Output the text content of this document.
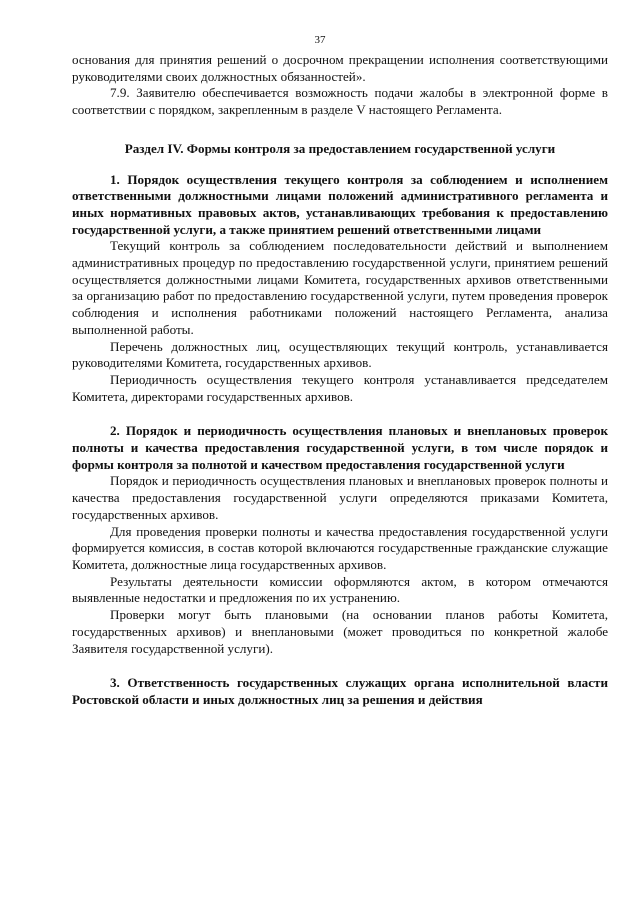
37

основания для принятия решений о досрочном прекращении исполнения соответствующими руководителями своих должностных обязанностей».

7.9. Заявителю обеспечивается возможность подачи жалобы в электронной форме в соответствии с порядком, закрепленным в разделе V настоящего Регламента.

Раздел IV. Формы контроля за предоставлением государственной услуги

1. Порядок осуществления текущего контроля за соблюдением и исполнением ответственными должностными лицами положений административного регламента и иных нормативных правовых актов, устанавливающих требования к предоставлению государственной услуги, а также принятием решений ответственными лицами

Текущий контроль за соблюдением последовательности действий и выполнением административных процедур по предоставлению государственной услуги, принятием решений осуществляется должностными лицами Комитета, государственных архивов ответственными за организацию работ по предоставлению государственной услуги, путем проведения проверок соблюдения и исполнения работниками положений настоящего Регламента, анализа выполненной работы.

Перечень должностных лиц, осуществляющих текущий контроль, устанавливается руководителями Комитета, государственных архивов.

Периодичность осуществления текущего контроля устанавливается председателем Комитета, директорами государственных архивов.

2. Порядок и периодичность осуществления плановых и внеплановых проверок полноты и качества предоставления государственной услуги, в том числе порядок и формы контроля за полнотой и качеством предоставления государственной услуги

Порядок и периодичность осуществления плановых и внеплановых проверок полноты и качества предоставления государственной услуги определяются приказами Комитета, государственных архивов.

Для проведения проверки полноты и качества предоставления государственной услуги формируется комиссия, в состав которой включаются государственные гражданские служащие Комитета, должностные лица государственных архивов.

Результаты деятельности комиссии оформляются актом, в котором отмечаются выявленные недостатки и предложения по их устранению.

Проверки могут быть плановыми (на основании планов работы Комитета, государственных архивов) и внеплановыми (может проводиться по конкретной жалобе Заявителя государственной услуги).

3. Ответственность государственных служащих органа исполнительной власти Ростовской области и иных должностных лиц за решения и действия
